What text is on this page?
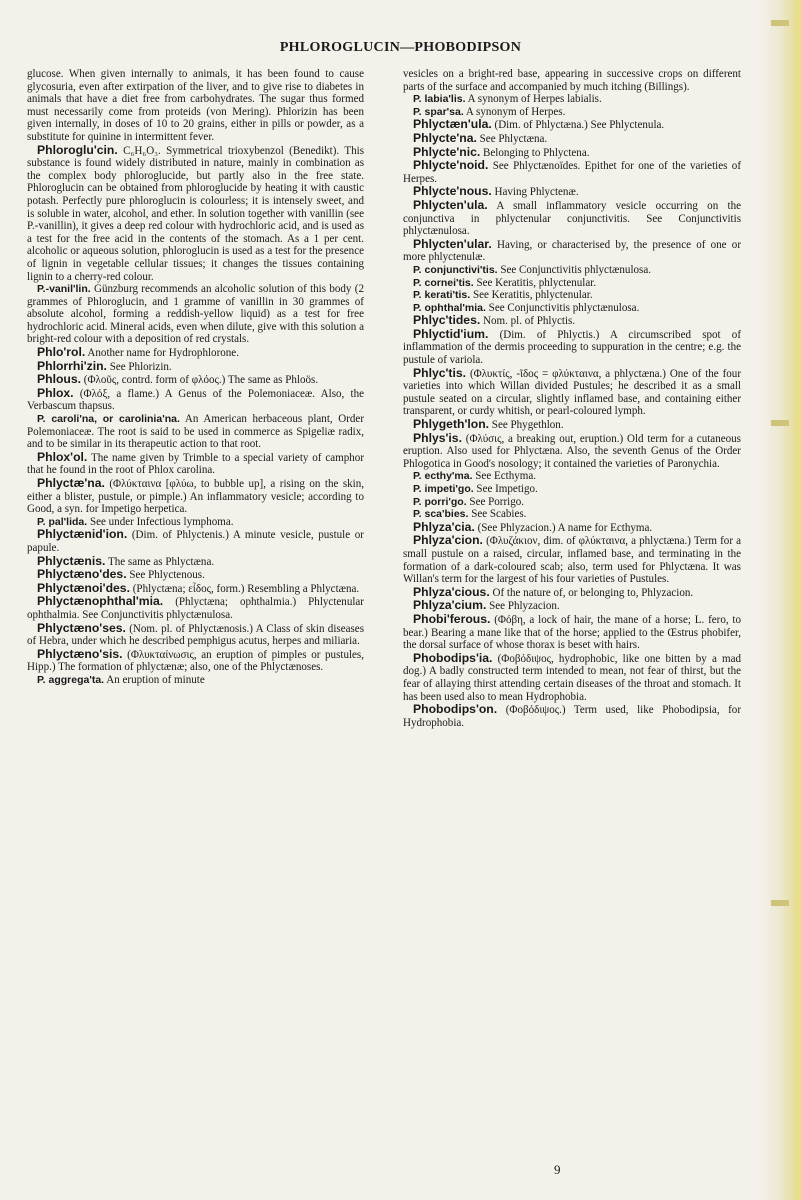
PHLOROGLUCIN—PHOBODIPSON

glucose. When given internally to animals, it has been found to cause glycosuria, even after extirpation of the liver, and to give rise to diabetes in animals that have a diet free from carbohydrates. The sugar thus formed must necessarily come from proteids (von Mering). Phlorizin has been given internally, in doses of 10 to 20 grains, either in pills or powder, as a substitute for quinine in intermittent fever.

Phloroglu'cin. C₆H₆O₃. Symmetrical trioxybenzol (Benedikt). This substance is found widely distributed in nature, mainly in combination as the complex body phloroglucide, but partly also in the free state. Phloroglucin can be obtained from phloroglucide by heating it with caustic potash. Perfectly pure phloroglucin is colourless; it is intensely sweet, and is soluble in water, alcohol, and ether. In solution together with vanillin (see P.-vanillin), it gives a deep red colour with hydrochloric acid, and is used as a test for the free acid in the contents of the stomach. As a 1 per cent. alcoholic or aqueous solution, phloroglucin is used as a test for the presence of lignin in vegetable cellular tissues; it changes the tissues containing lignin to a cherry-red colour.

P.-vanil'lin. Günzburg recommends an alcoholic solution of this body (2 grammes of Phloroglucin, and 1 gramme of vanillin in 30 grammes of absolute alcohol, forming a reddish-yellow liquid) as a test for free hydrochloric acid. Mineral acids, even when dilute, give with this solution a bright-red colour with a deposition of red crystals.

Phlo'rol. Another name for Hydrophlorone.

Phlorrhi'zin. See Phlorizin.

Phlous. (Φλοῦς, contrd. form of φλόος.) The same as Phloös.

Phlox. (Φλόξ, a flame.) A Genus of the Polemoniaceæ. Also, the Verbascum thapsus.

P. caroli'na, or carolinia'na. An American herbaceous plant, Order Polemoniaceæ. The root is said to be used in commerce as Spigeliæ radix, and to be similar in its therapeutic action to that root.

Phlox'ol. The name given by Trimble to a special variety of camphor that he found in the root of Phlox carolina.

Phlyctæ'na. (Φλύκταινα [φλύω, to bubble up], a rising on the skin, either a blister, pustule, or pimple.) An inflammatory vesicle; according to Good, a syn. for Impetigo herpetica.

P. pal'lida. See under Infectious lymphoma.

Phlyctænid'ion. (Dim. of Phlyctenis.) A minute vesicle, pustule or papule.

Phlyctænis. The same as Phlyctæna.

Phlyctæno'des. See Phlyctenous.

Phlyctænoi'des. (Phlyctæna; εἶδος, form.) Resembling a Phlyctæna.

Phlyctænophthal'mia. (Phlyctæna; ophthalmia.) Phlyctenular ophthalmia. See Conjunctivitis phlyctænulosa.

Phlyctæno'ses. (Nom. pl. of Phlyctænosis.) A Class of skin diseases of Hebra, under which he described pemphigus acutus, herpes and miliaria.

Phlyctæno'sis. (Φλυκταίνωσις, an eruption of pimples or pustules, Hipp.) The formation of phlyctænæ; also, one of the Phlyctænoses.

P. aggrega'ta. An eruption of minute

vesicles on a bright-red base, appearing in successive crops on different parts of the surface and accompanied by much itching (Billings).

P. labia'lis. A synonym of Herpes labialis.

P. spar'sa. A synonym of Herpes.

Phlyctæn'ula. (Dim. of Phlyctæna.) See Phlyctenula.

Phlycte'na. See Phlyctæna.

Phlycte'nic. Belonging to Phlyctena.

Phlycte'noid. See Phlyctænoïdes. Epithet for one of the varieties of Herpes.

Phlycte'nous. Having Phlyctenæ.

Phlycten'ula. A small inflammatory vesicle occurring on the conjunctiva in phlyctenular conjunctivitis. See Conjunctivitis phlyctænulosa.

Phlycten'ular. Having, or characterised by, the presence of one or more phlyctenulæ.

P. conjunctivi'tis. See Conjunctivitis phlyctænulosa.

P. cornei'tis. See Keratitis, phlyctenular.

P. kerati'tis. See Keratitis, phlyctenular.

P. ophthal'mia. See Conjunctivitis phlyctænulosa.

Phlyc'tides. Nom. pl. of Phlyctis.

Phlyctid'ium. (Dim. of Phlyctis.) A circumscribed spot of inflammation of the dermis proceeding to suppuration in the centre; e.g. the pustule of variola.

Phlyc'tis. (Φλυκτίς, -ῖδος = φλύκταινα, a phlyctæna.) One of the four varieties into which Willan divided Pustules; he described it as a small pustule seated on a circular, slightly inflamed base, and containing either transparent, or curdy whitish, or pearl-coloured lymph.

Phlygeth'lon. See Phygethlon.

Phlys'is. (Φλύσις, a breaking out, eruption.) Old term for a cutaneous eruption. Also used for Phlyctæna. Also, the seventh Genus of the Order Phlogotica in Good's nosology; it contained the varieties of Paronychia.

P. ecthy'ma. See Ecthyma.

P. impeti'go. See Impetigo.

P. porri'go. See Porrigo.

P. sca'bies. See Scabies.

Phlyza'cia. (See Phlyzacion.) A name for Ecthyma.

Phlyza'cion. (Φλυζάκιον, dim. of φλύκταινα, a phlyctæna.) Term for a small pustule on a raised, circular, inflamed base, and terminating in the formation of a dark-coloured scab; also, term used for Phlyctæna. It was Willan's term for the largest of his four varieties of Pustules.

Phlyza'cious. Of the nature of, or belonging to, Phlyzacion.

Phlyza'cium. See Phlyzacion.

Phobi'ferous. (Φόβη, a lock of hair, the mane of a horse; L. fero, to bear.) Bearing a mane like that of the horse; applied to the Œstrus phobifer, the dorsal surface of whose thorax is beset with hairs.

Phobodips'ia. (Φοβόδιψος, hydrophobic, like one bitten by a mad dog.) A badly constructed term intended to mean, not fear of thirst, but the fear of allaying thirst attending certain diseases of the throat and stomach. It has been used also to mean Hydrophobia.

Phobodips'on. (Φοβόδιψος.) Term used, like Phobodipsia, for Hydrophobia.

9
